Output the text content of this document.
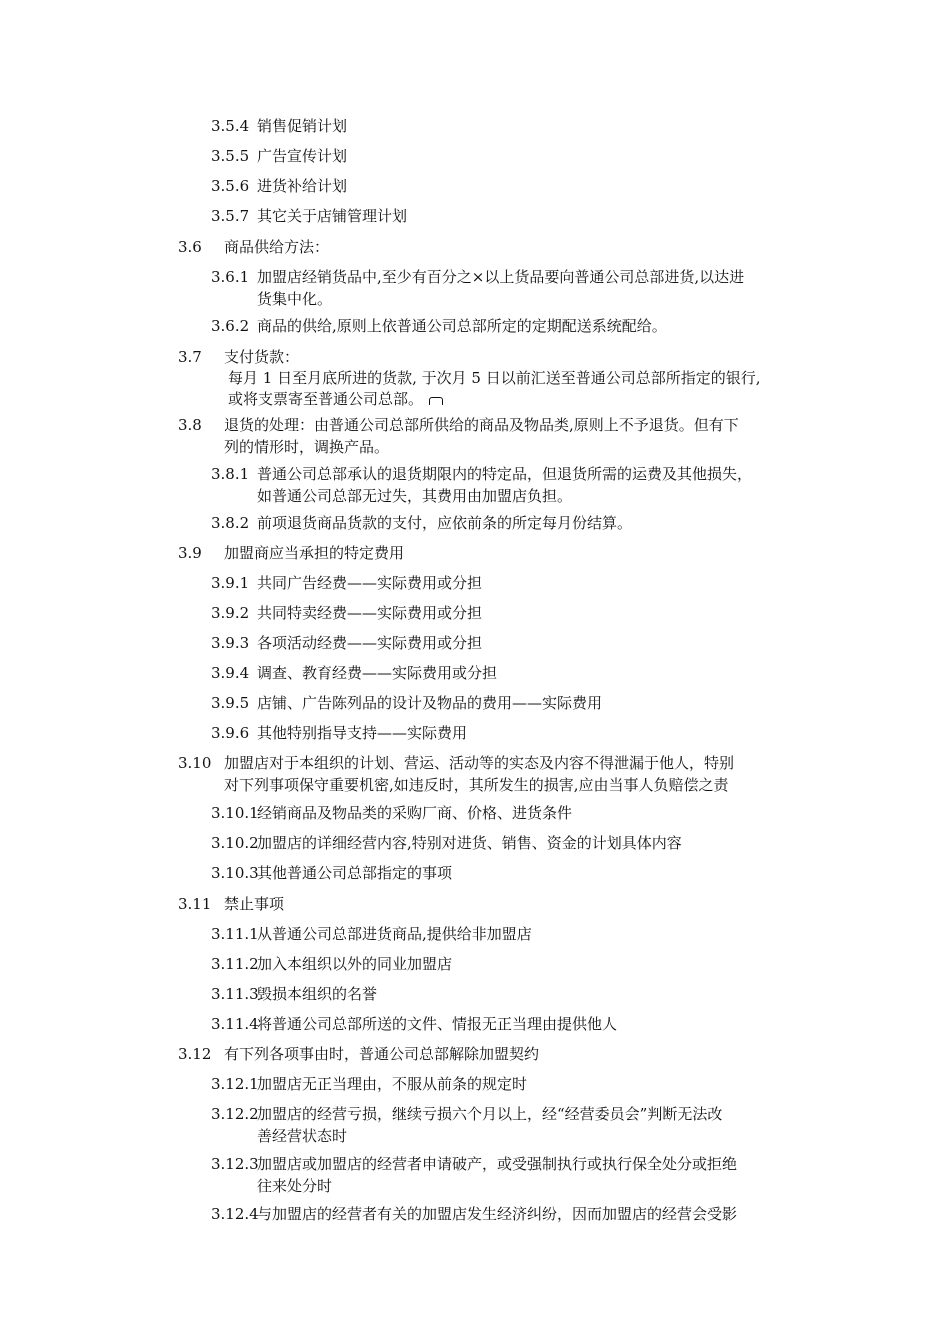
3.5.4 销售促销计划
3.5.5 广告宣传计划
3.5.6 进货补给计划
3.5.7 其它关于店铺管理计划
3.6 商品供给方法：
3.6.1 加盟店经销货品中,至少有百分之×以上货品要向普通公司总部进货,以达进
货集中化。
3.6.2 商品的供给,原则上依普通公司总部所定的定期配送系统配给。
3.7 支付货款：
每月 1 日至月底所进的货款, 于次月 5 日以前汇送至普通公司总部所指定的银行,
或将支票寄至普通公司总部。
3.8 退货的处理：由普通公司总部所供给的商品及物品类,原则上不予退货。但有下
列的情形时，调换产品。
3.8.1 普通公司总部承认的退货期限内的特定品，但退货所需的运费及其他损失，
如普通公司总部无过失，其费用由加盟店负担。
3.8.2 前项退货商品货款的支付，应依前条的所定每月份结算。
3.9 加盟商应当承担的特定费用
3.9.1 共同广告经费——实际费用或分担
3.9.2 共同特卖经费——实际费用或分担
3.9.3 各项活动经费——实际费用或分担
3.9.4 调查、教育经费——实际费用或分担
3.9.5 店铺、广告陈列品的设计及物品的费用——实际费用
3.9.6 其他特别指导支持——实际费用
3.10 加盟店对于本组织的计划、营运、活动等的实态及内容不得泄漏于他人，特别
对下列事项保守重要机密,如违反时，其所发生的损害,应由当事人负赔偿之责
3.10.1经销商品及物品类的采购厂商、价格、进货条件
3.10.2加盟店的详细经营内容,特别对进货、销售、资金的计划具体内容
3.10.3其他普通公司总部指定的事项
3.11 禁止事项
3.11.1从普通公司总部进货商品,提供给非加盟店
3.11.2加入本组织以外的同业加盟店
3.11.3毁损本组织的名誉
3.11.4将普通公司总部所送的文件、情报无正当理由提供他人
3.12 有下列各项事由时，普通公司总部解除加盟契约
3.12.1加盟店无正当理由，不服从前条的规定时
3.12.2加盟店的经营亏损，继续亏损六个月以上，经“经营委员会”判断无法改
善经营状态时
3.12.3加盟店或加盟店的经营者申请破产，或受强制执行或执行保全处分或拒绝
往来处分时
3.12.4与加盟店的经营者有关的加盟店发生经济纠纷，因而加盟店的经营会受影
